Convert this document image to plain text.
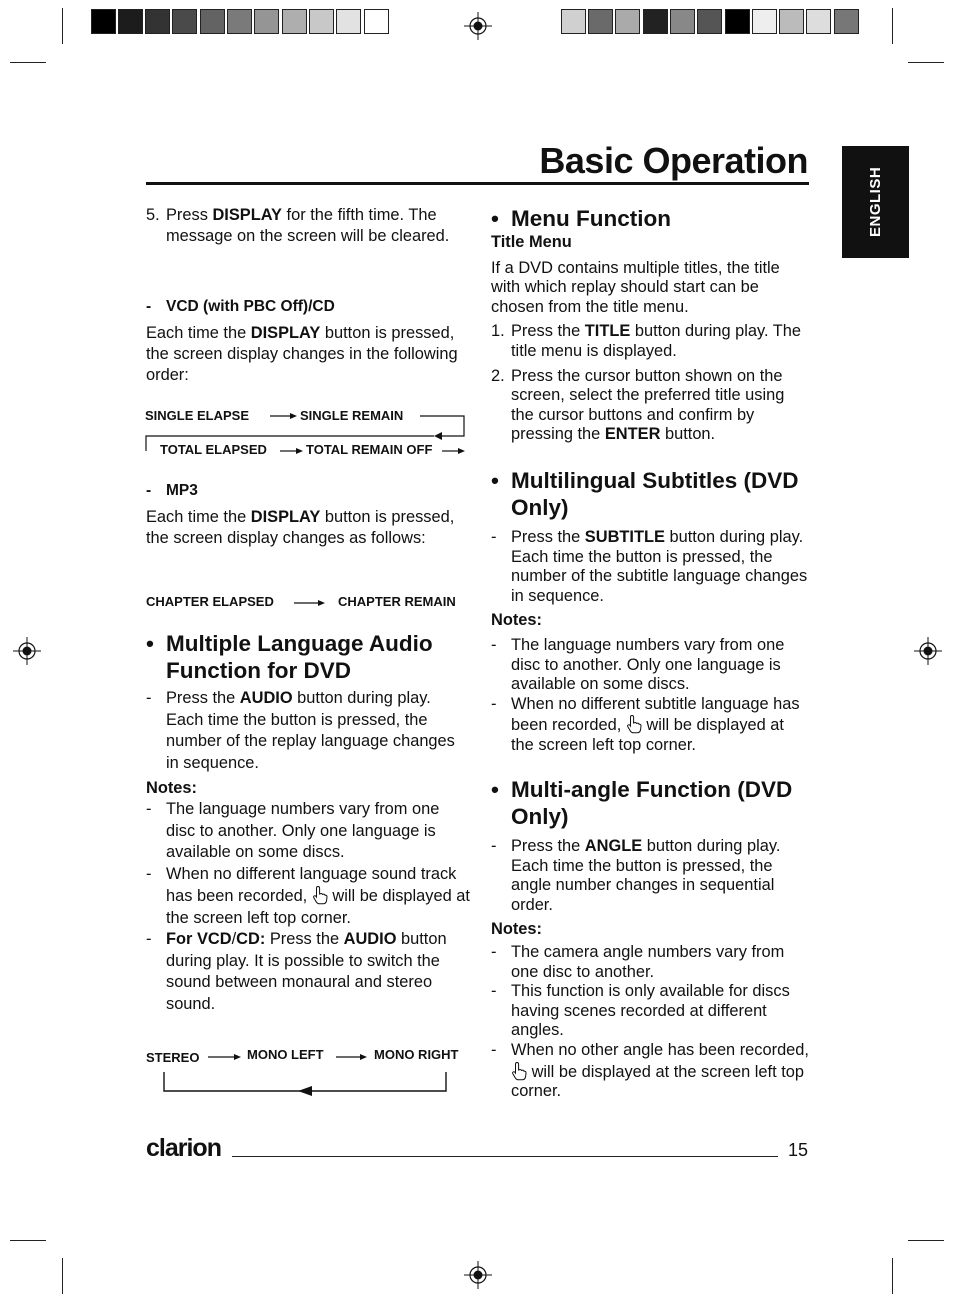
Basic Operation
ENGLISH

5. Press DISPLAY for the fifth time. The message on the screen will be cleared.

- VCD (with PBC Off)/CD

Each time the DISPLAY button is pressed, the screen display changes in the following order:

SINGLE ELAPSE	SINGLE REMAIN
TOTAL ELAPSED	TOTAL REMAIN OFF

- MP3

Each time the DISPLAY button is pressed, the screen display changes as follows:

CHAPTER ELAPSED	CHAPTER REMAIN
• Multiple Language Audio Function for DVD

- Press the AUDIO button during play. Each time the button is pressed, the number of the replay language changes in sequence.

Notes:

- The language numbers vary from one disc to another. Only one language is available on some discs.

- When no different language sound track has been recorded, will be displayed at the screen left top corner.

- For VCD/CD: Press the AUDIO button during play. It is possible to switch the sound between monaural and stereo sound.

STEREO	MONO LEFT	MONO RIGHT
• Menu Function

Title Menu

If a DVD contains multiple titles, the title with which replay should start can be chosen from the title menu.

1. Press the TITLE button during play. The title menu is displayed.

2. Press the cursor button shown on the screen, select the preferred title using the cursor buttons and confirm by pressing the ENTER button.

• Multilingual Subtitles (DVD Only)

- Press the SUBTITLE button during play. Each time the button is pressed, the number of the subtitle language changes in sequence.

Notes:

- The language numbers vary from one disc to another. Only one language is available on some discs.

- When no different subtitle language has been recorded, will be displayed at the screen left top corner.

• Multi-angle Function (DVD Only)

- Press the ANGLE button during play. Each time the button is pressed, the angle number changes in sequential order.

Notes:

- The camera angle numbers vary from one disc to another.

- This function is only available for discs having scenes recorded at different angles.

- When no other angle has been recorded,  will be displayed at the screen left top corner.

clarion	15
